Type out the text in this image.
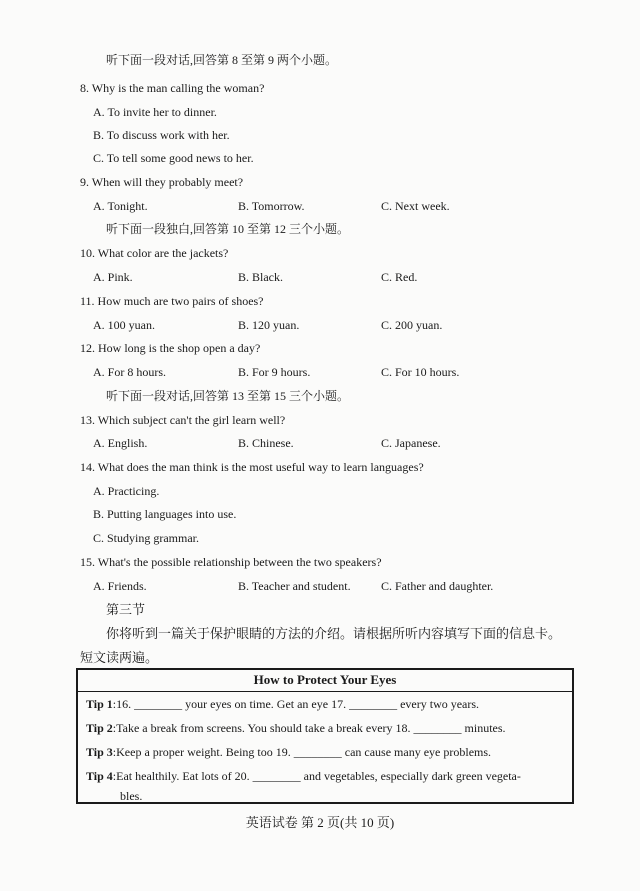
听下面一段对话,回答第 8 至第 9 两个小题。
8. Why is the man calling the woman?
A. To invite her to dinner.
B. To discuss work with her.
C. To tell some good news to her.
9. When will they probably meet?
A. Tonight.	B. Tomorrow.	C. Next week.
听下面一段独白,回答第 10 至第 12 三个小题。
10. What color are the jackets?
A. Pink.	B. Black.	C. Red.
11. How much are two pairs of shoes?
A. 100 yuan.	B. 120 yuan.	C. 200 yuan.
12. How long is the shop open a day?
A. For 8 hours.	B. For 9 hours.	C. For 10 hours.
听下面一段对话,回答第 13 至第 15 三个小题。
13. Which subject can't the girl learn well?
A. English.	B. Chinese.	C. Japanese.
14. What does the man think is the most useful way to learn languages?
A. Practicing.
B. Putting languages into use.
C. Studying grammar.
15. What's the possible relationship between the two speakers?
A. Friends.	B. Teacher and student.	C. Father and daughter.
第三节
你将听到一篇关于保护眼睛的方法的介绍。请根据所听内容填写下面的信息卡。
短文读两遍。
How to Protect Your Eyes
Tip 1:16. ________ your eyes on time. Get an eye 17. ________ every two years.
Tip 2:Take a break from screens. You should take a break every 18. ________ minutes.
Tip 3:Keep a proper weight. Being too 19. ________ can cause many eye problems.
Tip 4:Eat healthily. Eat lots of 20. ________ and vegetables, especially dark green vegeta-
bles.
英语试卷 第 2 页(共 10 页)
